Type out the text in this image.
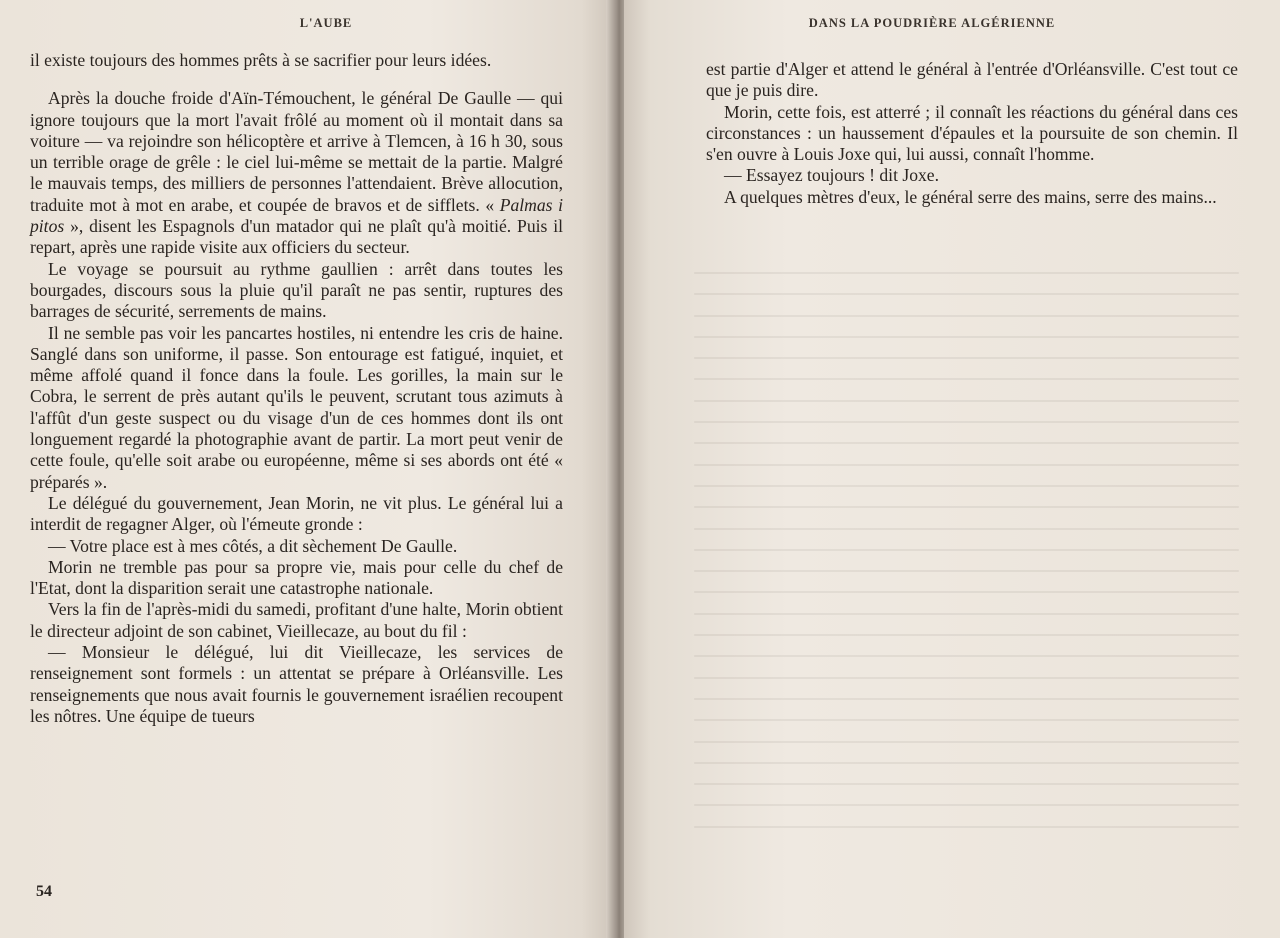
L'AUBE

il existe toujours des hommes prêts à se sacrifier pour leurs idées.

Après la douche froide d'Aïn-Témouchent, le général De Gaulle — qui ignore toujours que la mort l'avait frôlé au moment où il montait dans sa voiture — va rejoindre son hélicoptère et arrive à Tlemcen, à 16 h 30, sous un terrible orage de grêle : le ciel lui-même se mettait de la partie. Malgré le mauvais temps, des milliers de personnes l'attendaient. Brève allocution, traduite mot à mot en arabe, et coupée de bravos et de sifflets. « Palmas i pitos », disent les Espagnols d'un matador qui ne plaît qu'à moitié. Puis il repart, après une rapide visite aux officiers du secteur.

Le voyage se poursuit au rythme gaullien : arrêt dans toutes les bourgades, discours sous la pluie qu'il paraît ne pas sentir, ruptures des barrages de sécurité, serrements de mains.

Il ne semble pas voir les pancartes hostiles, ni entendre les cris de haine. Sanglé dans son uniforme, il passe. Son entourage est fatigué, inquiet, et même affolé quand il fonce dans la foule. Les gorilles, la main sur le Cobra, le serrent de près autant qu'ils le peuvent, scrutant tous azimuts à l'affût d'un geste suspect ou du visage d'un de ces hommes dont ils ont longuement regardé la photographie avant de partir. La mort peut venir de cette foule, qu'elle soit arabe ou européenne, même si ses abords ont été « préparés ».

Le délégué du gouvernement, Jean Morin, ne vit plus. Le général lui a interdit de regagner Alger, où l'émeute gronde :

— Votre place est à mes côtés, a dit sèchement De Gaulle.

Morin ne tremble pas pour sa propre vie, mais pour celle du chef de l'Etat, dont la disparition serait une catastrophe nationale.

Vers la fin de l'après-midi du samedi, profitant d'une halte, Morin obtient le directeur adjoint de son cabinet, Vieillecaze, au bout du fil :

— Monsieur le délégué, lui dit Vieillecaze, les services de renseignement sont formels : un attentat se prépare à Orléansville. Les renseignements que nous avait fournis le gouvernement israélien recoupent les nôtres. Une équipe de tueurs

54
DANS LA POUDRIÈRE ALGÉRIENNE

est partie d'Alger et attend le général à l'entrée d'Orléansville. C'est tout ce que je puis dire.

Morin, cette fois, est atterré ; il connaît les réactions du général dans ces circonstances : un haussement d'épaules et la poursuite de son chemin. Il s'en ouvre à Louis Joxe qui, lui aussi, connaît l'homme.

— Essayez toujours ! dit Joxe.

A quelques mètres d'eux, le général serre des mains, serre des mains...
